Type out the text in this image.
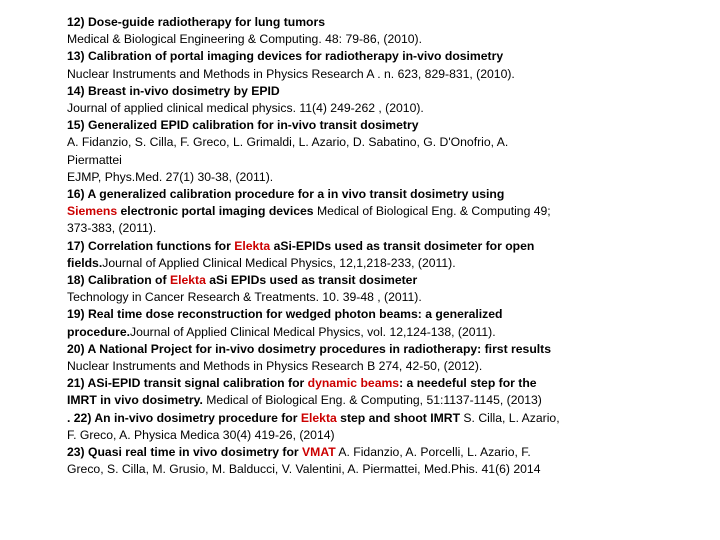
12) Dose-guide radiotherapy for lung tumors
Medical & Biological Engineering & Computing. 48: 79-86, (2010).
13) Calibration of portal imaging devices for radiotherapy in-vivo dosimetry
Nuclear Instruments and Methods in Physics Research A . n. 623, 829-831, (2010).
14) Breast in-vivo dosimetry by EPID
Journal of applied clinical medical physics. 11(4) 249-262 , (2010).
15) Generalized EPID calibration for in-vivo transit dosimetry
A. Fidanzio, S. Cilla, F. Greco, L. Grimaldi, L. Azario, D. Sabatino, G. D'Onofrio, A.
Piermattei
EJMP, Phys.Med. 27(1) 30-38, (2011).
16) A generalized calibration procedure for a in vivo transit dosimetry using
Siemens electronic portal imaging devices Medical of Biological Eng. & Computing 49;
373-383, (2011).
17) Correlation functions for Elekta aSi-EPIDs used as transit dosimeter for open
fields.Journal of Applied Clinical Medical Physics, 12,1,218-233, (2011).
18) Calibration of Elekta aSi EPIDs used as transit dosimeter
Technology in Cancer Research & Treatments. 10. 39-48 , (2011).
19) Real time dose reconstruction for wedged photon beams: a generalized
procedure.Journal of Applied Clinical Medical Physics, vol. 12,124-138, (2011).
20) A National Project for in-vivo dosimetry procedures in radiotherapy: first results
Nuclear Instruments and Methods in Physics Research B 274, 42-50, (2012).
21) ASi-EPID transit signal calibration for dynamic beams: a needeful step for the
IMRT in vivo dosimetry. Medical of Biological Eng. & Computing, 51:1137-1145, (2013)
. 22) An in-vivo dosimetry procedure for Elekta step and shoot IMRT S. Cilla, L. Azario,
F. Greco, A. Physica Medica 30(4) 419-26, (2014)
23) Quasi real time in vivo dosimetry for VMAT A. Fidanzio, A. Porcelli, L. Azario, F.
Greco, S. Cilla, M. Grusio, M. Balducci, V. Valentini, A. Piermattei, Med.Phis. 41(6) 2014
